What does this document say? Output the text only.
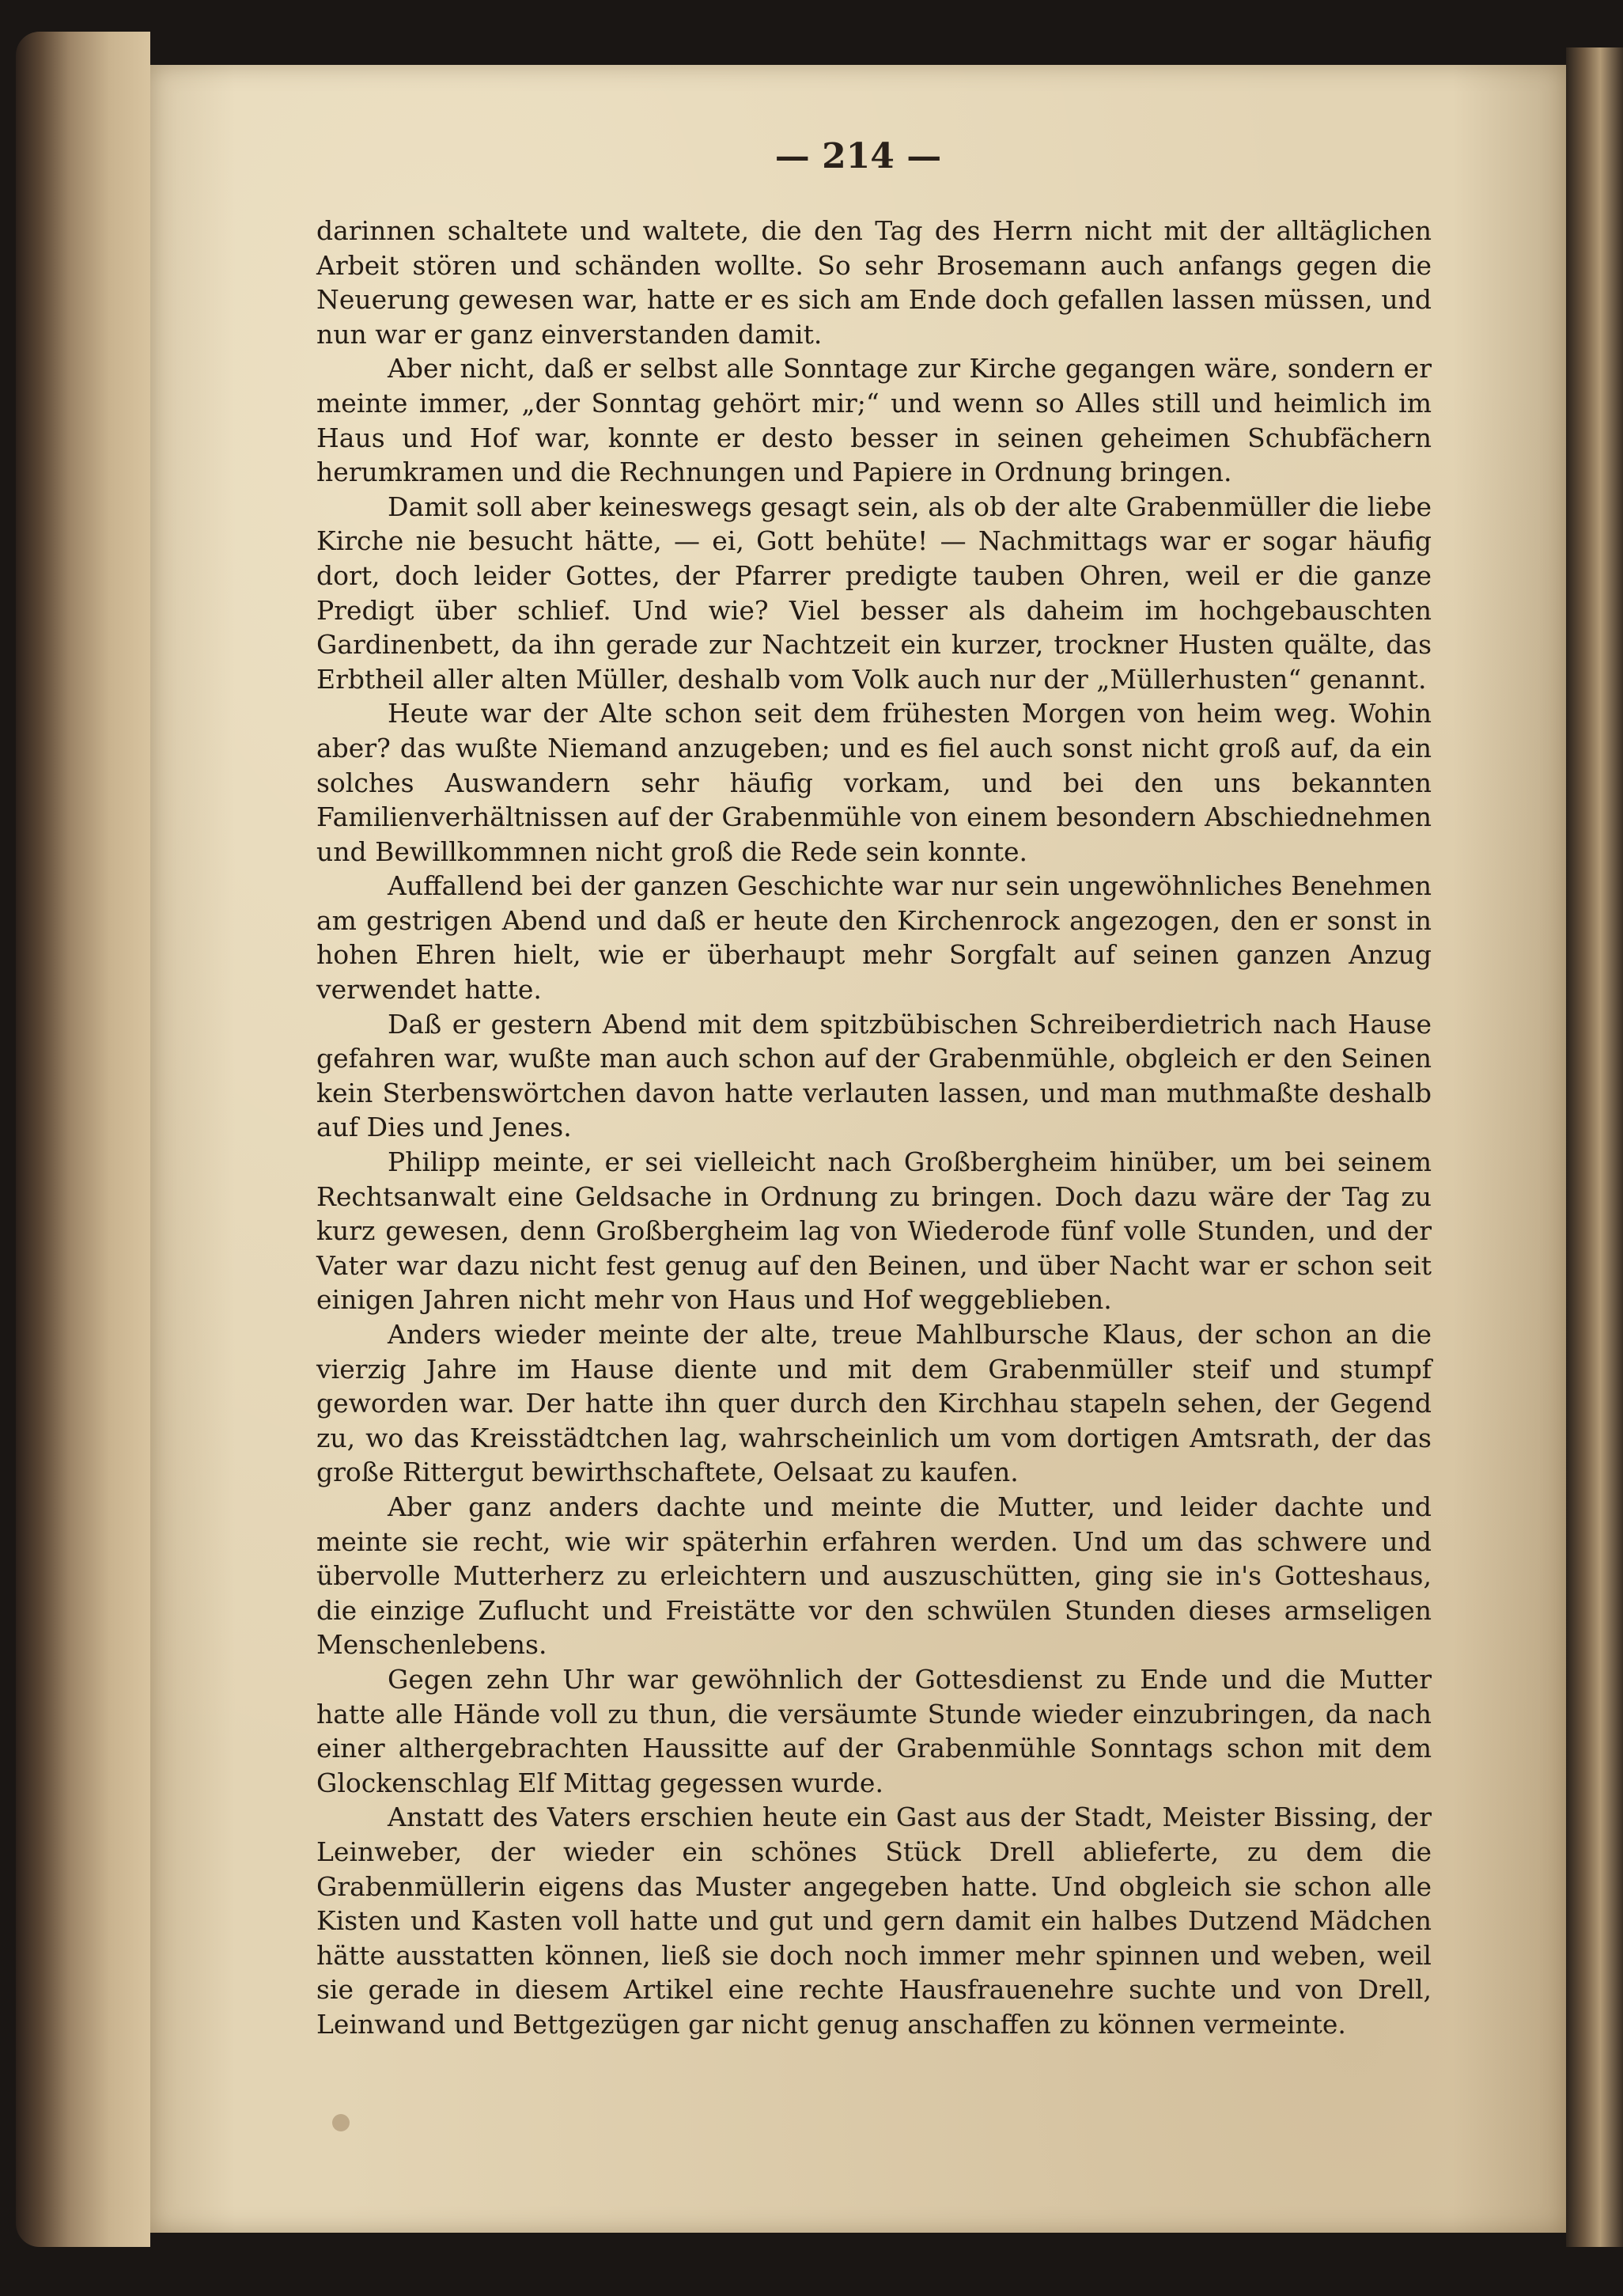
— 214 —

darinnen schaltete und waltete, die den Tag des Herrn nicht mit der alltäglichen Arbeit stören und schänden wollte. So sehr Brosemann auch anfangs gegen die Neuerung gewesen war, hatte er es sich am Ende doch gefallen lassen müssen, und nun war er ganz einverstanden damit.

Aber nicht, daß er selbst alle Sonntage zur Kirche gegangen wäre, sondern er meinte immer, „der Sonntag gehört mir;“ und wenn so Alles still und heimlich im Haus und Hof war, konnte er desto besser in seinen geheimen Schubfächern herumkramen und die Rechnungen und Papiere in Ordnung bringen.

Damit soll aber keineswegs gesagt sein, als ob der alte Grabenmüller die liebe Kirche nie besucht hätte, — ei, Gott behüte! — Nachmittags war er sogar häufig dort, doch leider Gottes, der Pfarrer predigte tauben Ohren, weil er die ganze Predigt über schlief. Und wie? Viel besser als daheim im hochgebauschten Gardinenbett, da ihn gerade zur Nachtzeit ein kurzer, trockner Husten quälte, das Erbtheil aller alten Müller, deshalb vom Volk auch nur der „Müllerhusten“ genannt.

Heute war der Alte schon seit dem frühesten Morgen von heim weg. Wohin aber? das wußte Niemand anzugeben; und es fiel auch sonst nicht groß auf, da ein solches Auswandern sehr häufig vorkam, und bei den uns bekannten Familienverhältnissen auf der Grabenmühle von einem besondern Abschiednehmen und Bewillkommnen nicht groß die Rede sein konnte.

Auffallend bei der ganzen Geschichte war nur sein ungewöhnliches Benehmen am gestrigen Abend und daß er heute den Kirchenrock angezogen, den er sonst in hohen Ehren hielt, wie er überhaupt mehr Sorgfalt auf seinen ganzen Anzug verwendet hatte.

Daß er gestern Abend mit dem spitzbübischen Schreiberdietrich nach Hause gefahren war, wußte man auch schon auf der Grabenmühle, obgleich er den Seinen kein Sterbenswörtchen davon hatte verlauten lassen, und man muthmaßte deshalb auf Dies und Jenes.

Philipp meinte, er sei vielleicht nach Großbergheim hinüber, um bei seinem Rechtsanwalt eine Geldsache in Ordnung zu bringen. Doch dazu wäre der Tag zu kurz gewesen, denn Großbergheim lag von Wiederode fünf volle Stunden, und der Vater war dazu nicht fest genug auf den Beinen, und über Nacht war er schon seit einigen Jahren nicht mehr von Haus und Hof weggeblieben.

Anders wieder meinte der alte, treue Mahlbursche Klaus, der schon an die vierzig Jahre im Hause diente und mit dem Grabenmüller steif und stumpf geworden war. Der hatte ihn quer durch den Kirchhau stapeln sehen, der Gegend zu, wo das Kreisstädtchen lag, wahrscheinlich um vom dortigen Amtsrath, der das große Rittergut bewirthschaftete, Oelsaat zu kaufen.

Aber ganz anders dachte und meinte die Mutter, und leider dachte und meinte sie recht, wie wir späterhin erfahren werden. Und um das schwere und übervolle Mutterherz zu erleichtern und auszuschütten, ging sie in's Gotteshaus, die einzige Zuflucht und Freistätte vor den schwülen Stunden dieses armseligen Menschenlebens.

Gegen zehn Uhr war gewöhnlich der Gottesdienst zu Ende und die Mutter hatte alle Hände voll zu thun, die versäumte Stunde wieder einzubringen, da nach einer althergebrachten Haussitte auf der Grabenmühle Sonntags schon mit dem Glockenschlag Elf Mittag gegessen wurde.

Anstatt des Vaters erschien heute ein Gast aus der Stadt, Meister Bissing, der Leinweber, der wieder ein schönes Stück Drell ablieferte, zu dem die Grabenmüllerin eigens das Muster angegeben hatte. Und obgleich sie schon alle Kisten und Kasten voll hatte und gut und gern damit ein halbes Dutzend Mädchen hätte ausstatten können, ließ sie doch noch immer mehr spinnen und weben, weil sie gerade in diesem Artikel eine rechte Hausfrauenehre suchte und von Drell, Leinwand und Bettgezügen gar nicht genug anschaffen zu können vermeinte.
